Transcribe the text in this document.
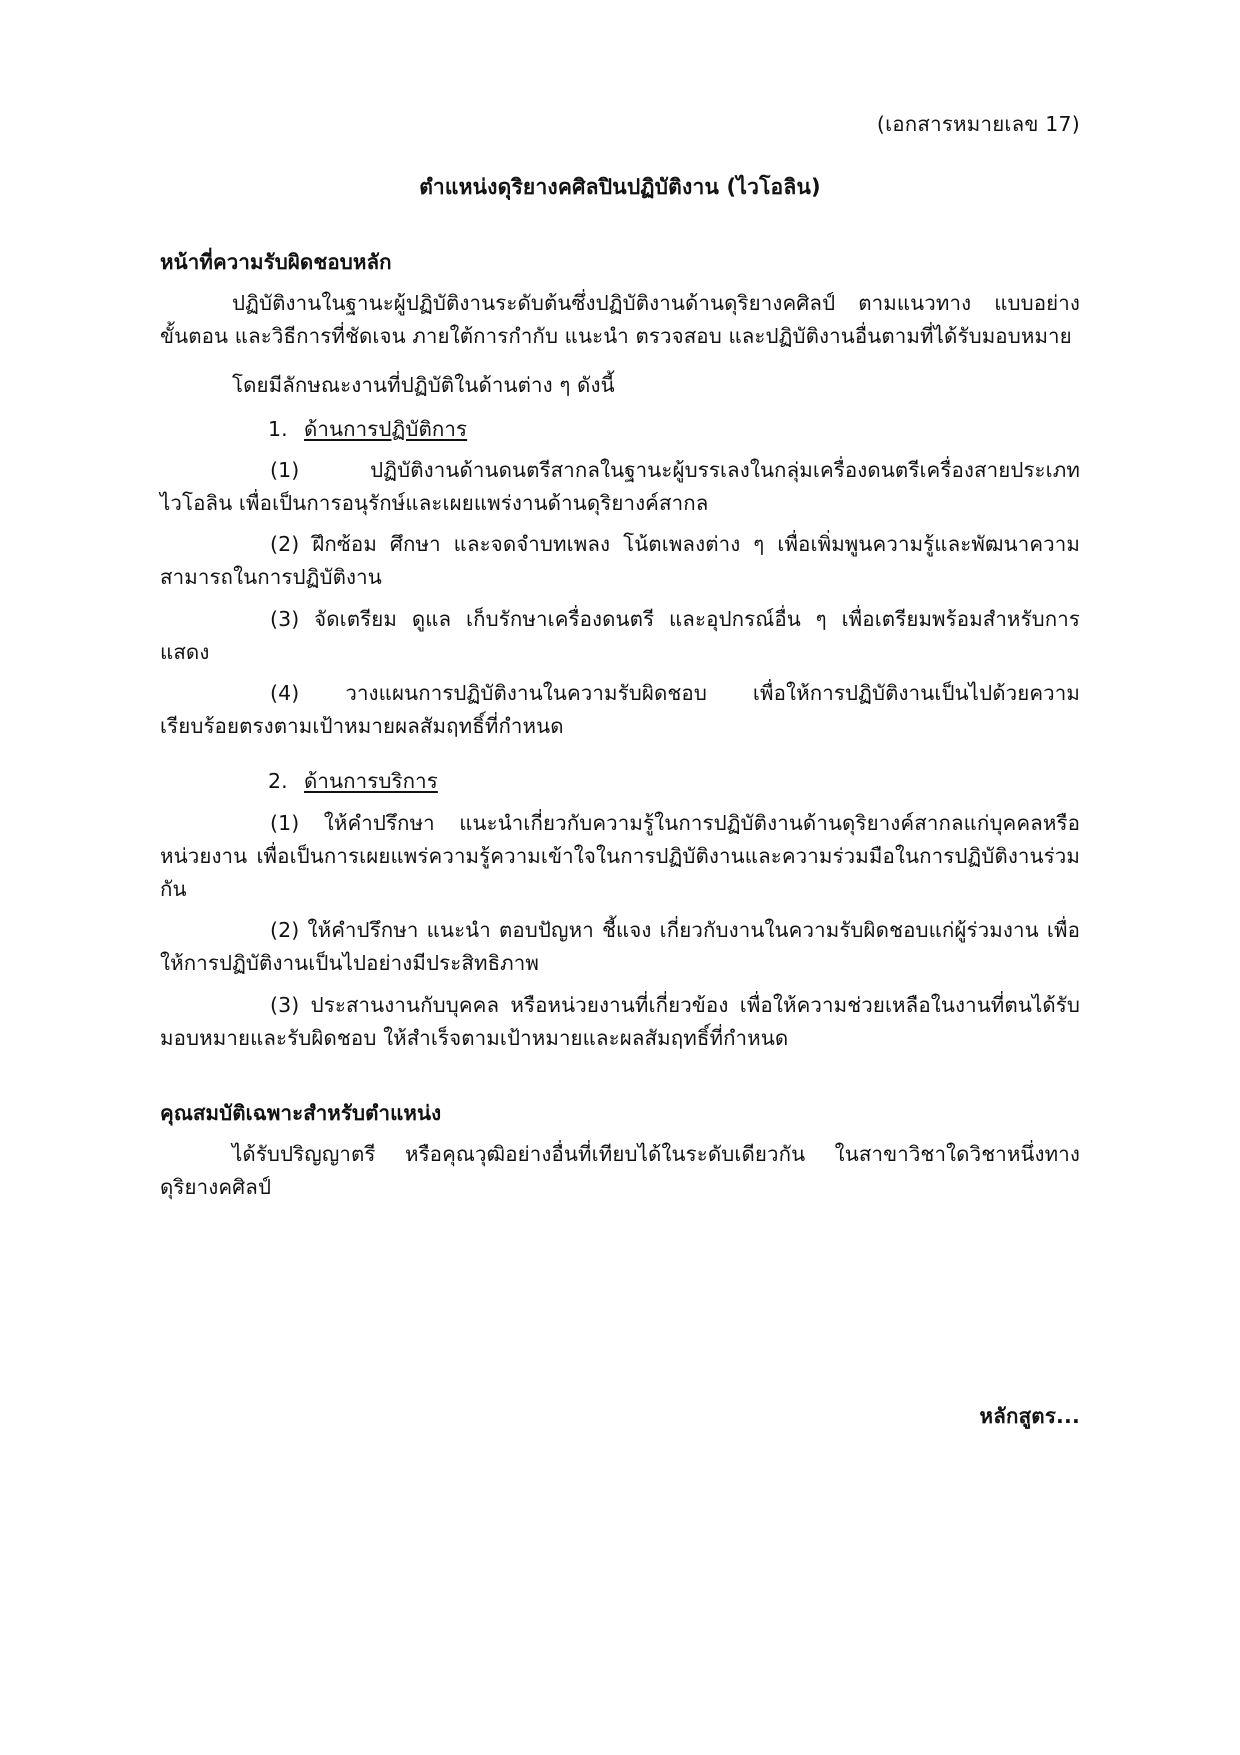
(เอกสารหมายเลข 17)
ตำแหน่งดุริยางคศิลปินปฏิบัติงาน (ไวโอลิน)
หน้าที่ความรับผิดชอบหลัก
ปฏิบัติงานในฐานะผู้ปฏิบัติงานระดับต้นซึ่งปฏิบัติงานด้านดุริยางคศิลป์ ตามแนวทาง แบบอย่าง ขั้นตอน และวิธีการที่ชัดเจน ภายใต้การกำกับ แนะนำ ตรวจสอบ และปฏิบัติงานอื่นตามที่ได้รับมอบหมาย
โดยมีลักษณะงานที่ปฏิบัติในด้านต่าง ๆ ดังนี้
1. ด้านการปฏิบัติการ
(1) ปฏิบัติงานด้านดนตรีสากลในฐานะผู้บรรเลงในกลุ่มเครื่องดนตรีเครื่องสายประเภทไวโอลิน เพื่อเป็นการอนุรักษ์และเผยแพร่งานด้านดุริยางค์สากล
(2) ฝึกซ้อม ศึกษา และจดจำบทเพลง โน้ตเพลงต่าง ๆ เพื่อเพิ่มพูนความรู้และพัฒนาความสามารถในการปฏิบัติงาน
(3) จัดเตรียม ดูแล เก็บรักษาเครื่องดนตรี และอุปกรณ์อื่น ๆ เพื่อเตรียมพร้อมสำหรับการแสดง
(4) วางแผนการปฏิบัติงานในความรับผิดชอบ เพื่อให้การปฏิบัติงานเป็นไปด้วยความเรียบร้อยตรงตามเป้าหมายผลสัมฤทธิ์ที่กำหนด
2. ด้านการบริการ
(1) ให้คำปรึกษา แนะนำเกี่ยวกับความรู้ในการปฏิบัติงานด้านดุริยางค์สากลแก่บุคคลหรือหน่วยงาน เพื่อเป็นการเผยแพร่ความรู้ความเข้าใจในการปฏิบัติงานและความร่วมมือในการปฏิบัติงานร่วมกัน
(2) ให้คำปรึกษา แนะนำ ตอบปัญหา ชี้แจง เกี่ยวกับงานในความรับผิดชอบแก่ผู้ร่วมงาน เพื่อให้การปฏิบัติงานเป็นไปอย่างมีประสิทธิภาพ
(3) ประสานงานกับบุคคล หรือหน่วยงานที่เกี่ยวข้อง เพื่อให้ความช่วยเหลือในงานที่ตนได้รับมอบหมายและรับผิดชอบ ให้สำเร็จตามเป้าหมายและผลสัมฤทธิ์ที่กำหนด
คุณสมบัติเฉพาะสำหรับตำแหน่ง
ได้รับปริญญาตรี หรือคุณวุฒิอย่างอื่นที่เทียบได้ในระดับเดียวกัน ในสาขาวิชาใดวิชาหนึ่งทางดุริยางคศิลป์
หลักสูตร...
